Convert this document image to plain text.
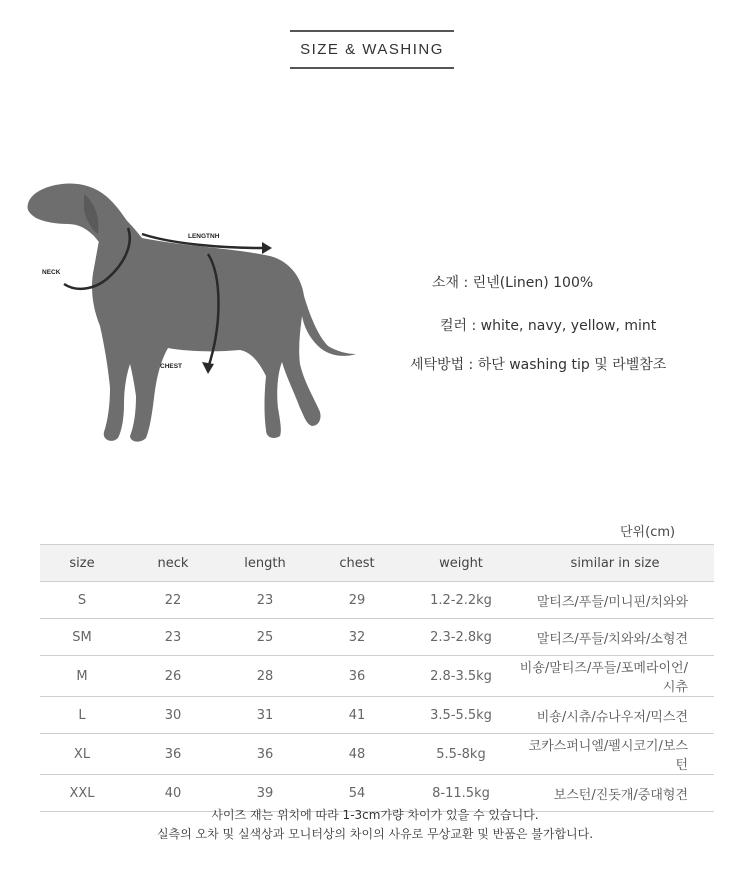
SIZE & WASHING
NECK
LENGTNH
CHEST
소재 : 린넨(Linen) 100%
컬러 : white, navy, yellow, mint
세탁방법 : 하단 washing tip 및 라벨참조
단위(cm)
size	neck	length	chest	weight	similar in size
S	22	23	29	1.2-2.2kg	말티즈/푸들/미니핀/치와와
SM	23	25	32	2.3-2.8kg	말티즈/푸들/치와와/소형견
M	26	28	36	2.8-3.5kg	비숑/말티즈/푸들/포메라이언/시츄
L	30	31	41	3.5-5.5kg	비숑/시츄/슈나우저/믹스견
XL	36	36	48	5.5-8kg	코카스퍼니엘/펠시코기/보스턴
XXL	40	39	54	8-11.5kg	보스턴/진돗개/중대형견
사이즈 재는 위치에 따라 1-3cm가량 차이가 있을 수 있습니다.
실측의 오차 및 실색상과 모니터상의 차이의 사유로 무상교환 및 반품은 불가합니다.
